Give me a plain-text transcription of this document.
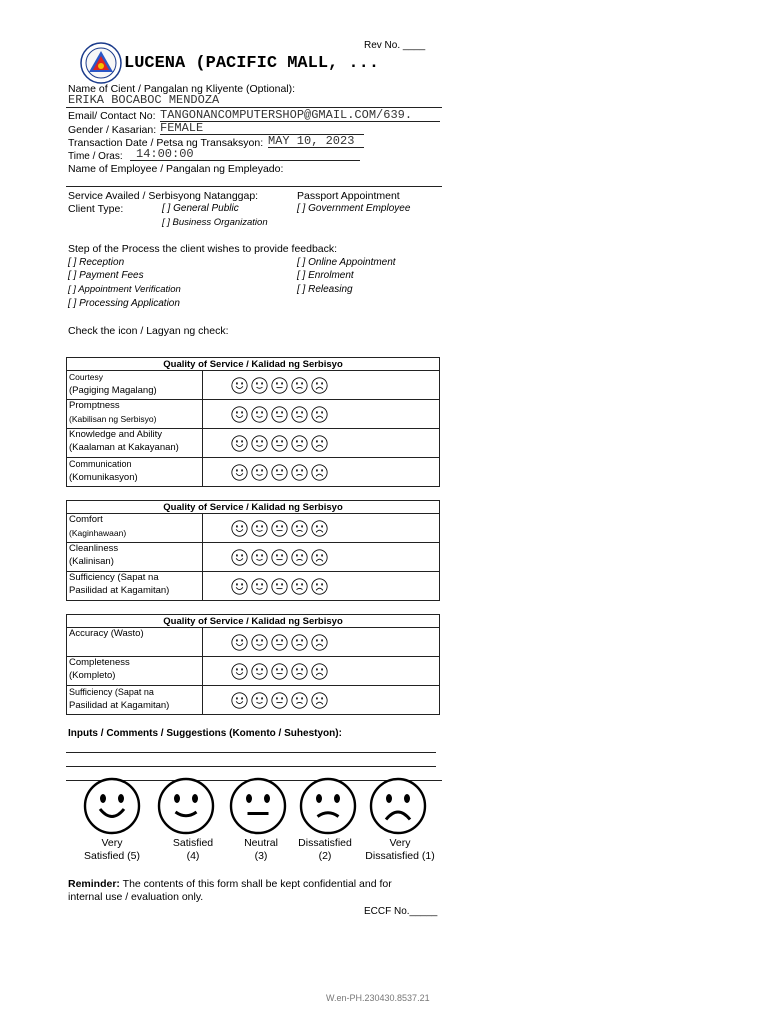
Rev No. ____
LUCENA (PACIFIC MALL, ...
Name of Cient / Pangalan ng Kliyente (Optional):
ERIKA BOCABOC MENDOZA
Email/ Contact No: TANGONANCOMPUTERSHOP@GMAIL.COM/639.
Gender / Kasarian: FEMALE
Transaction Date / Petsa ng Transaksyon: MAY 10, 2023
Time / Oras: 14:00:00
Name of Employee / Pangalan ng Empleyado:
Service Availed / Serbisyong Natanggap:	Passport Appointment
Client Type:	[ ] General Public	[ ] Government Employee
[ ] Business Organization
Step of the Process the client wishes to provide feedback:
[ ] Reception
[ ] Payment Fees
[ ] Appointment Verification
[ ] Processing Application
[ ] Online Appointment
[ ] Enrolment
[ ] Releasing
Check the icon / Lagyan ng check:
Quality of Service / Kalidad ng Serbisyo	
Courtesy
(Pagiging Magalang)	

Promptness
(Kabilisan ng Serbisyo)	

Knowledge and Ability
(Kaalaman at Kakayanan)	

Communication
(Komunikasyon)	
Quality of Service / Kalidad ng Serbisyo	
Comfort
(Kaginhawaan)	

Cleanliness
(Kalinisan)	

Sufficiency (Sapat na
Pasilidad at Kagamitan)	
Quality of Service / Kalidad ng Serbisyo	
Accuracy (Wasto)

Completeness
(Kompleto)	

Sufficiency (Sapat na
Pasilidad at Kagamitan)	
Inputs / Comments / Suggestions (Komento / Suhestyon):
Very
Satisfied (5)
Satisfied
(4)
Neutral
(3)
Dissatisfied
(2)
Very
Dissatisfied (1)
Reminder: The contents of this form shall be kept confidential and for
internal use / evaluation only.
ECCF No._____
W.en-PH.230430.8537.21
